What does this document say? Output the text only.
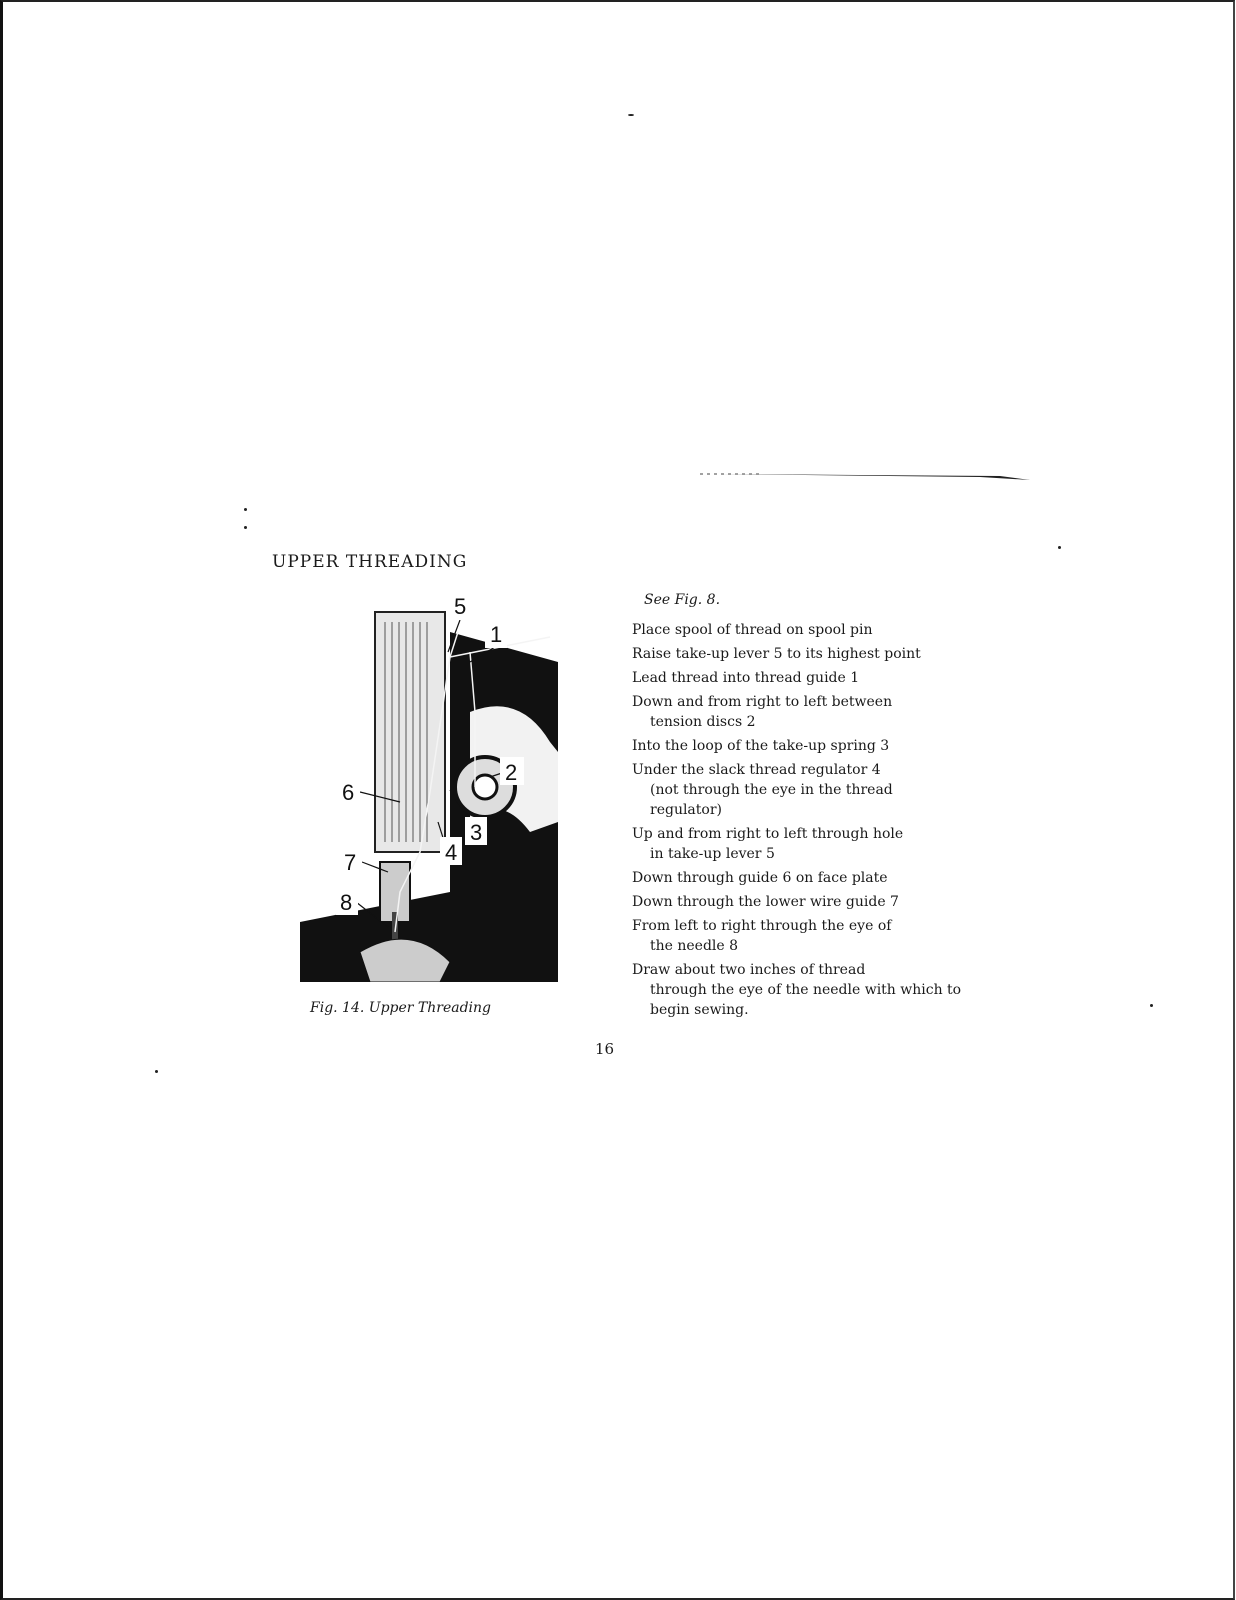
UPPER THREADING
5
1
2
3
4
6
7
8
Fig. 14. Upper Threading
See Fig. 8.
Place spool of thread on spool pin
Raise take-up lever 5 to its highest point
Lead thread into thread guide 1
Down and from right to left between
tension discs 2
Into the loop of the take-up spring 3
Under the slack thread regulator 4
(not through the eye in the thread regulator)
Up and from right to left through hole
in take-up lever 5
Down through guide 6 on face plate
Down through the lower wire guide 7
From left to right through the eye of
the needle 8
Draw about two inches of thread
through the eye of the needle with which to begin sewing.
16
